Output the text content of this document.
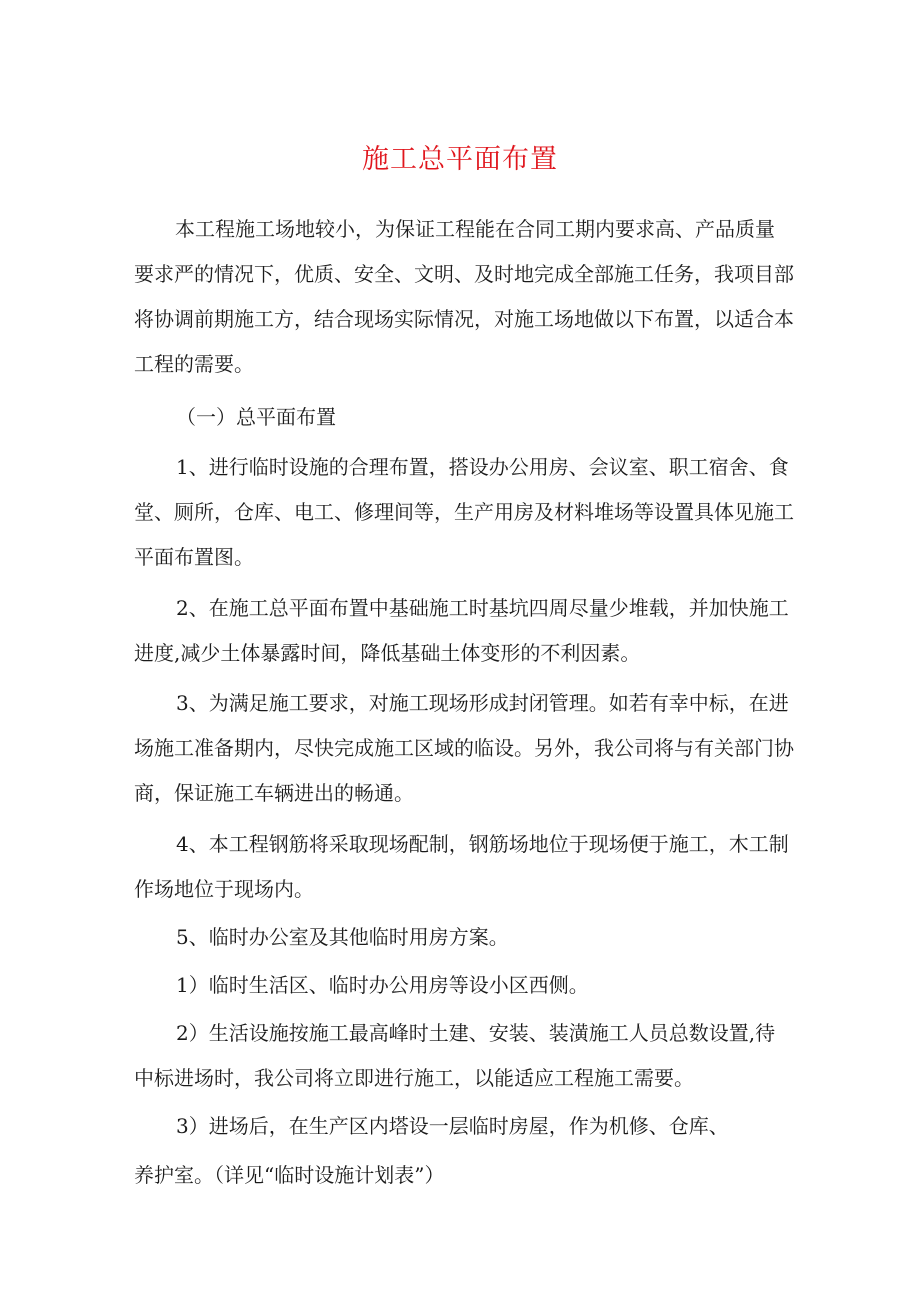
施工总平面布置
本工程施工场地较小，为保证工程能在合同工期内要求高、产品质量
要求严的情况下，优质、安全、文明、及时地完成全部施工任务，我项目部
将协调前期施工方，结合现场实际情况，对施工场地做以下布置，以适合本
工程的需要。
（一）总平面布置
1、进行临时设施的合理布置，搭设办公用房、会议室、职工宿舍、食
堂、厕所，仓库、电工、修理间等，生产用房及材料堆场等设置具体见施工
平面布置图。
2、在施工总平面布置中基础施工时基坑四周尽量少堆载，并加快施工
进度,减少土体暴露时间，降低基础土体变形的不利因素。
3、为满足施工要求，对施工现场形成封闭管理。如若有幸中标，在进
场施工准备期内，尽快完成施工区域的临设。另外，我公司将与有关部门协
商，保证施工车辆进出的畅通。
4、本工程钢筋将采取现场配制，钢筋场地位于现场便于施工，木工制
作场地位于现场内。
5、临时办公室及其他临时用房方案。
1）临时生活区、临时办公用房等设小区西侧。
2）生活设施按施工最高峰时土建、安装、装潢施工人员总数设置,待
中标进场时，我公司将立即进行施工，以能适应工程施工需要。
3）进场后，在生产区内塔设一层临时房屋，作为机修、仓库、
养护室。（详见“临时设施计划表”）
